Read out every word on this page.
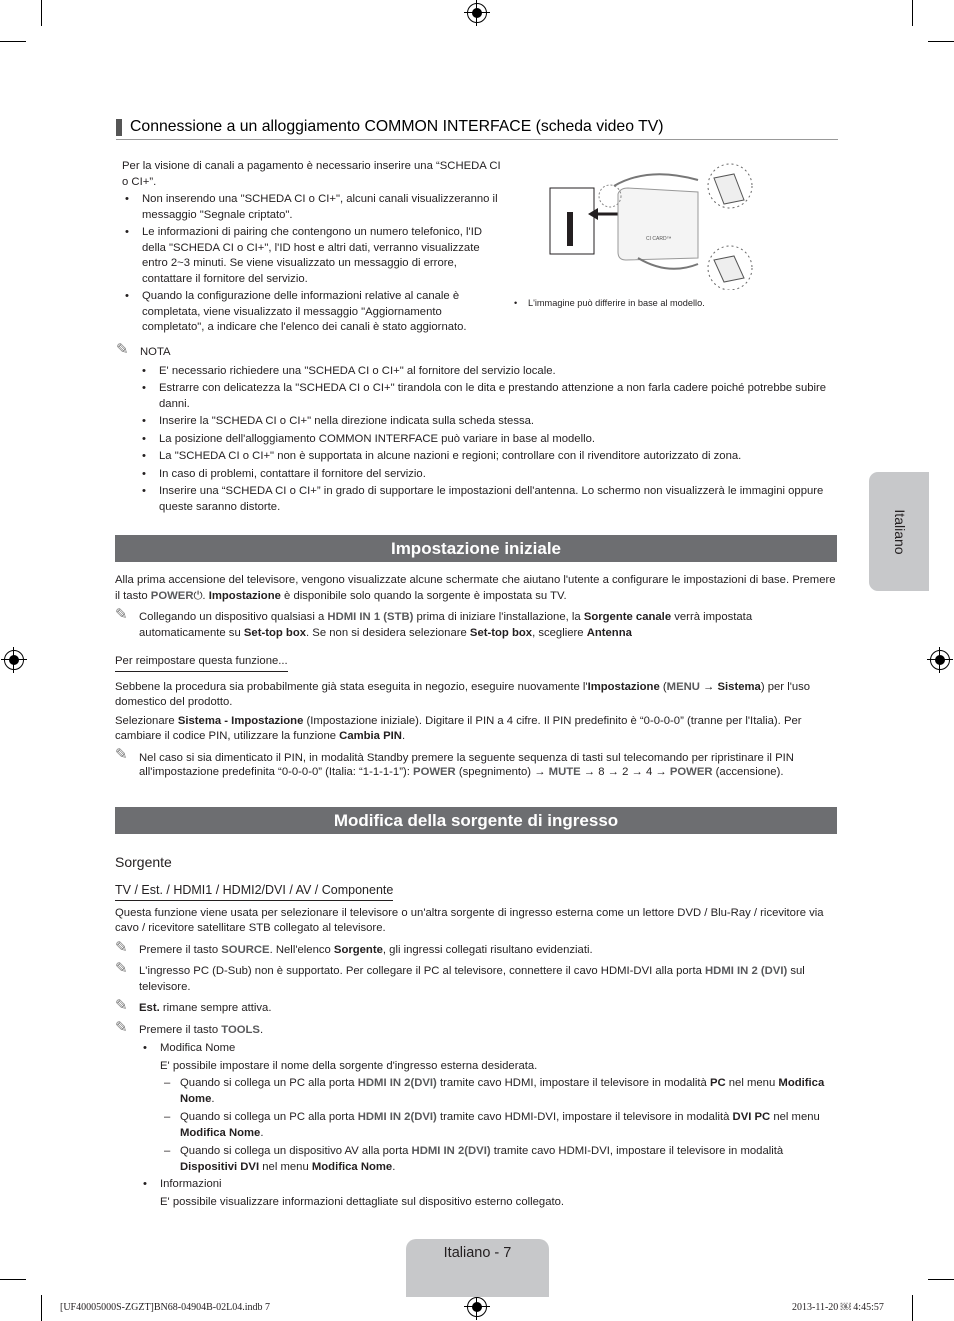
Connessione a un alloggiamento COMMON INTERFACE (scheda video TV)
Per la visione di canali a pagamento è necessario inserire una “SCHEDA CI o CI+”.
• Non inserendo una "SCHEDA CI o CI+", alcuni canali visualizzeranno il messaggio "Segnale criptato".
• Le informazioni di pairing che contengono un numero telefonico, l'ID della "SCHEDA CI o CI+", l'ID host e altri dati, verranno visualizzate entro 2~3 minuti. Se viene visualizzato un messaggio di errore, contattare il fornitore del servizio.
• Quando la configurazione delle informazioni relative al canale è completata, viene visualizzato il messaggio "Aggiornamento completato", a indicare che l'elenco dei canali è stato aggiornato.
CI CARD™
• L'immagine può differire in base al modello.
✎ NOTA
• E' necessario richiedere una "SCHEDA CI o CI+" al fornitore del servizio locale.
• Estrarre con delicatezza la "SCHEDA CI o CI+" tirandola con le dita e prestando attenzione a non farla cadere poiché potrebbe subire danni.
• Inserire la "SCHEDA CI o CI+" nella direzione indicata sulla scheda stessa.
• La posizione dell'alloggiamento COMMON INTERFACE può variare in base al modello.
• La "SCHEDA CI o CI+" non è supportata in alcune nazioni e regioni; controllare con il rivenditore autorizzato di zona.
• In caso di problemi, contattare il fornitore del servizio.
• Inserire una “SCHEDA CI o CI+” in grado di supportare le impostazioni dell'antenna. Lo schermo non visualizzerà le immagini oppure queste saranno distorte.
Impostazione iniziale
Alla prima accensione del televisore, vengono visualizzate alcune schermate che aiutano l'utente a configurare le impostazioni di base. Premere il tasto POWER⏻. Impostazione è disponibile solo quando la sorgente è impostata su TV.
✎ Collegando un dispositivo qualsiasi a HDMI IN 1 (STB) prima di iniziare l'installazione, la Sorgente canale verrà impostata automaticamente su Set-top box. Se non si desidera selezionare Set-top box, scegliere Antenna
Per reimpostare questa funzione...
Sebbene la procedura sia probabilmente già stata eseguita in negozio, eseguire nuovamente l'Impostazione (MENU → Sistema) per l'uso domestico del prodotto.
Selezionare Sistema - Impostazione (Impostazione iniziale). Digitare il PIN a 4 cifre. Il PIN predefinito è “0-0-0-0” (tranne per l'Italia). Per cambiare il codice PIN, utilizzare la funzione Cambia PIN.
✎ Nel caso si sia dimenticato il PIN, in modalità Standby premere la seguente sequenza di tasti sul telecomando per ripristinare il PIN all'impostazione predefinita “0-0-0-0” (Italia: “1-1-1-1”): POWER (spegnimento) → MUTE → 8 → 2 → 4 → POWER (accensione).
Modifica della sorgente di ingresso
Sorgente
TV / Est. / HDMI1 / HDMI2/DVI / AV / Componente
Questa funzione viene usata per selezionare il televisore o un'altra sorgente di ingresso esterna come un lettore DVD / Blu-Ray / ricevitore via cavo / ricevitore satellitare STB collegato al televisore.
✎ Premere il tasto SOURCE. Nell'elenco Sorgente, gli ingressi collegati risultano evidenziati.
✎ L'ingresso PC (D-Sub) non è supportato. Per collegare il PC al televisore, connettere il cavo HDMI-DVI alla porta HDMI IN 2 (DVI) sul televisore.
✎ Est. rimane sempre attiva.
✎ Premere il tasto TOOLS.
• Modifica Nome
E' possibile impostare il nome della sorgente d'ingresso esterna desiderata.
– Quando si collega un PC alla porta HDMI IN 2(DVI) tramite cavo HDMI, impostare il televisore in modalità PC nel menu Modifica Nome.
– Quando si collega un PC alla porta HDMI IN 2(DVI) tramite cavo HDMI-DVI, impostare il televisore in modalità DVI PC nel menu Modifica Nome.
– Quando si collega un dispositivo AV alla porta HDMI IN 2(DVI) tramite cavo HDMI-DVI, impostare il televisore in modalità Dispositivi DVI nel menu Modifica Nome.
• Informazioni
E' possibile visualizzare informazioni dettagliate sul dispositivo esterno collegato.
Italiano
Italiano - 7
[UF40005000S-ZGZT]BN68-04904B-02L04.indb 7	2013-11-20 ￼ 4:45:57
